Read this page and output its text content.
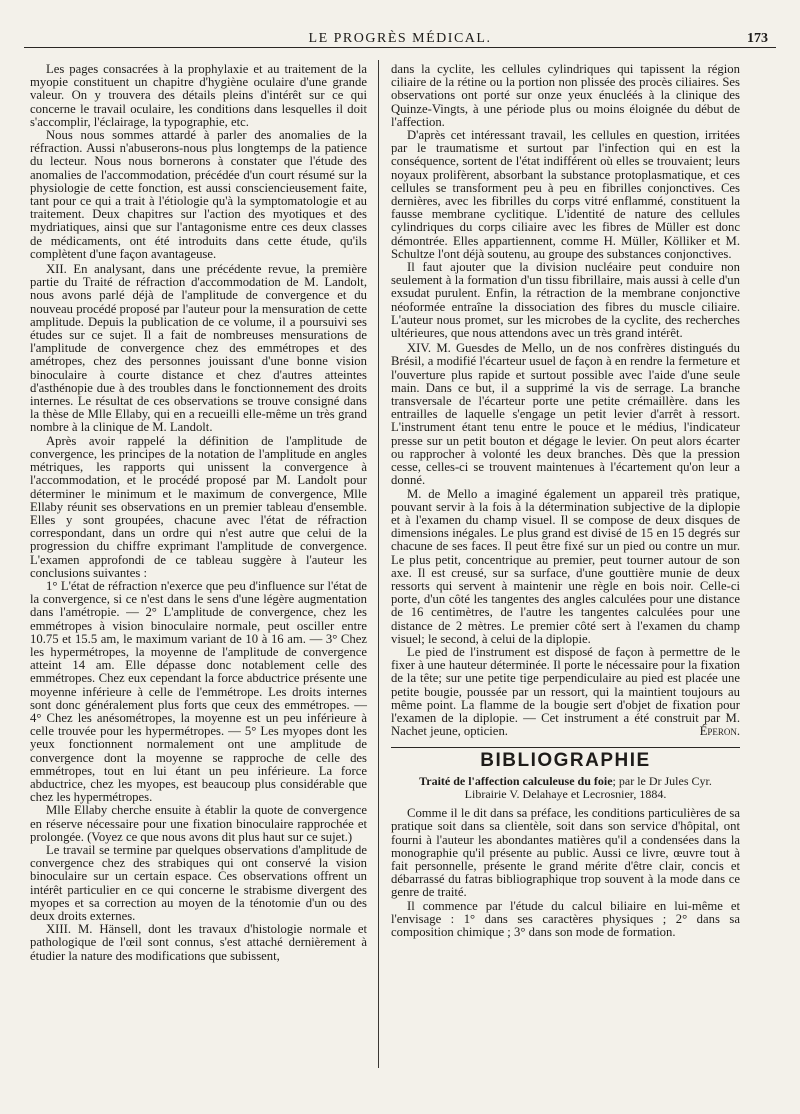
LE PROGRÈS MÉDICAL.	173

Les pages consacrées à la prophylaxie et au traitement de la myopie constituent un chapitre d'hygiène oculaire d'une grande valeur. On y trouvera des détails pleins d'intérêt sur ce qui concerne le travail oculaire, les conditions dans lesquelles il doit s'accomplir, l'éclairage, la typographie, etc.

Nous nous sommes attardé à parler des anomalies de la réfraction. Aussi n'abuserons-nous plus longtemps de la patience du lecteur. Nous nous bornerons à constater que l'étude des anomalies de l'accommodation, précédée d'un court résumé sur la physiologie de cette fonction, est aussi consciencieusement faite, tant pour ce qui a trait à l'étiologie qu'à la symptomatologie et au traitement. Deux chapitres sur l'action des myotiques et des mydriatiques, ainsi que sur l'antagonisme entre ces deux classes de médicaments, ont été introduits dans cette étude, qu'ils complètent d'une façon avantageuse.

XII. En analysant, dans une précédente revue, la première partie du Traité de réfraction d'accommodation de M. Landolt, nous avons parlé déjà de l'amplitude de convergence et du nouveau procédé proposé par l'auteur pour la mensuration de cette amplitude. Depuis la publication de ce volume, il a poursuivi ses études sur ce sujet. Il a fait de nombreuses mensurations de l'amplitude de convergence chez des emmétropes et des amétropes, chez des personnes jouissant d'une bonne vision binoculaire à courte distance et chez d'autres atteintes d'asthénopie due à des troubles dans le fonctionnement des droits internes. Le résultat de ces observations se trouve consigné dans la thèse de Mlle Ellaby, qui en a recueilli elle-même un très grand nombre à la clinique de M. Landolt.

Après avoir rappelé la définition de l'amplitude de convergence, les principes de la notation de l'amplitude en angles métriques, les rapports qui unissent la convergence à l'accommodation, et le procédé proposé par M. Landolt pour déterminer le minimum et le maximum de convergence, Mlle Ellaby réunit ses observations en un premier tableau d'ensemble. Elles y sont groupées, chacune avec l'état de réfraction correspondant, dans un ordre qui n'est autre que celui de la progression du chiffre exprimant l'amplitude de convergence. L'examen approfondi de ce tableau suggère à l'auteur les conclusions suivantes :

1° L'état de réfraction n'exerce que peu d'influence sur l'état de la convergence, si ce n'est dans le sens d'une légère augmentation dans l'amétropie. — 2° L'amplitude de convergence, chez les emmétropes à vision binoculaire normale, peut osciller entre 10.75 et 15.5 am, le maximum variant de 10 à 16 am. — 3° Chez les hypermétropes, la moyenne de l'amplitude de convergence atteint 14 am. Elle dépasse donc notablement celle des emmétropes. Chez eux cependant la force abductrice présente une moyenne inférieure à celle de l'emmétrope. Les droits internes sont donc généralement plus forts que ceux des emmétropes. — 4° Chez les anésométropes, la moyenne est un peu inférieure à celle trouvée pour les hypermétropes. — 5° Les myopes dont les yeux fonctionnent normalement ont une amplitude de convergence dont la moyenne se rapproche de celle des emmétropes, tout en lui étant un peu inférieure. La force abductrice, chez les myopes, est beaucoup plus considérable que chez les hypermétropes.

Mlle Ellaby cherche ensuite à établir la quote de convergence en réserve nécessaire pour une fixation binoculaire rapprochée et prolongée. (Voyez ce que nous avons dit plus haut sur ce sujet.)

Le travail se termine par quelques observations d'amplitude de convergence chez des strabiques qui ont conservé la vision binoculaire sur un certain espace. Ces observations offrent un intérêt particulier en ce qui concerne le strabisme divergent des myopes et sa correction au moyen de la ténotomie d'un ou des deux droits externes.

XIII. M. Hänsell, dont les travaux d'histologie normale et pathologique de l'œil sont connus, s'est attaché dernièrement à étudier la nature des modifications que subissent,

dans la cyclite, les cellules cylindriques qui tapissent la région ciliaire de la rétine ou la portion non plissée des procès ciliaires. Ses observations ont porté sur onze yeux énucléés à la clinique des Quinze-Vingts, à une période plus ou moins éloignée du début de l'affection.

D'après cet intéressant travail, les cellules en question, irritées par le traumatisme et surtout par l'infection qui en est la conséquence, sortent de l'état indifférent où elles se trouvaient; leurs noyaux prolifèrent, absorbant la substance protoplasmatique, et ces cellules se transforment peu à peu en fibrilles conjonctives. Ces dernières, avec les fibrilles du corps vitré enflammé, constituent la fausse membrane cyclitique. L'identité de nature des cellules cylindriques du corps ciliaire avec les fibres de Müller est donc démontrée. Elles appartiennent, comme H. Müller, Kölliker et M. Schultze l'ont déjà soutenu, au groupe des substances conjonctives.

Il faut ajouter que la division nucléaire peut conduire non seulement à la formation d'un tissu fibrillaire, mais aussi à celle d'un exsudat purulent. Enfin, la rétraction de la membrane conjonctive néoformée entraîne la dissociation des fibres du muscle ciliaire. L'auteur nous promet, sur les microbes de la cyclite, des recherches ultérieures, que nous attendons avec un très grand intérêt.

XIV. M. Guesdes de Mello, un de nos confrères distingués du Brésil, a modifié l'écarteur usuel de façon à en rendre la fermeture et l'ouverture plus rapide et surtout possible avec l'aide d'une seule main. Dans ce but, il a supprimé la vis de serrage. La branche transversale de l'écarteur porte une petite crémaillère. dans les entrailles de laquelle s'engage un petit levier d'arrêt à ressort. L'instrument étant tenu entre le pouce et le médius, l'indicateur presse sur un petit bouton et dégage le levier. On peut alors écarter ou rapprocher à volonté les deux branches. Dès que la pression cesse, celles-ci se trouvent maintenues à l'écartement qu'on leur a donné.

M. de Mello a imaginé également un appareil très pratique, pouvant servir à la fois à la détermination subjective de la diplopie et à l'examen du champ visuel. Il se compose de deux disques de dimensions inégales. Le plus grand est divisé de 15 en 15 degrés sur chacune de ses faces. Il peut être fixé sur un pied ou contre un mur. Le plus petit, concentrique au premier, peut tourner autour de son axe. Il est creusé, sur sa surface, d'une gouttière munie de deux ressorts qui servent à maintenir une règle en bois noir. Celle-ci porte, d'un côté les tangentes des angles calculées pour une distance de 16 centimètres, de l'autre les tangentes calculées pour une distance de 2 mètres. Le premier côté sert à l'examen du champ visuel; le second, à celui de la diplopie.

Le pied de l'instrument est disposé de façon à permettre de le fixer à une hauteur déterminée. Il porte le nécessaire pour la fixation de la tête; sur une petite tige perpendiculaire au pied est placée une petite bougie, poussée par un ressort, qui la maintient toujours au même point. La flamme de la bougie sert d'objet de fixation pour l'examen de la diplopie. — Cet instrument a été construit par M. Nachet jeune, opticien.	Éperon.
BIBLIOGRAPHIE

Traité de l'affection calculeuse du foie; par le Dr Jules Cyr.

Librairie V. Delahaye et Lecrosnier, 1884.

Comme il le dit dans sa préface, les conditions particulières de sa pratique soit dans sa clientèle, soit dans son service d'hôpital, ont fourni à l'auteur les abondantes matières qu'il a condensées dans la monographie qu'il présente au public. Aussi ce livre, œuvre tout à fait personnelle, présente le grand mérite d'être clair, concis et débarrassé du fatras bibliographique trop souvent à la mode dans ce genre de traité.

Il commence par l'étude du calcul biliaire en lui-même et l'envisage : 1° dans ses caractères physiques ; 2° dans sa composition chimique ; 3° dans son mode de formation.
